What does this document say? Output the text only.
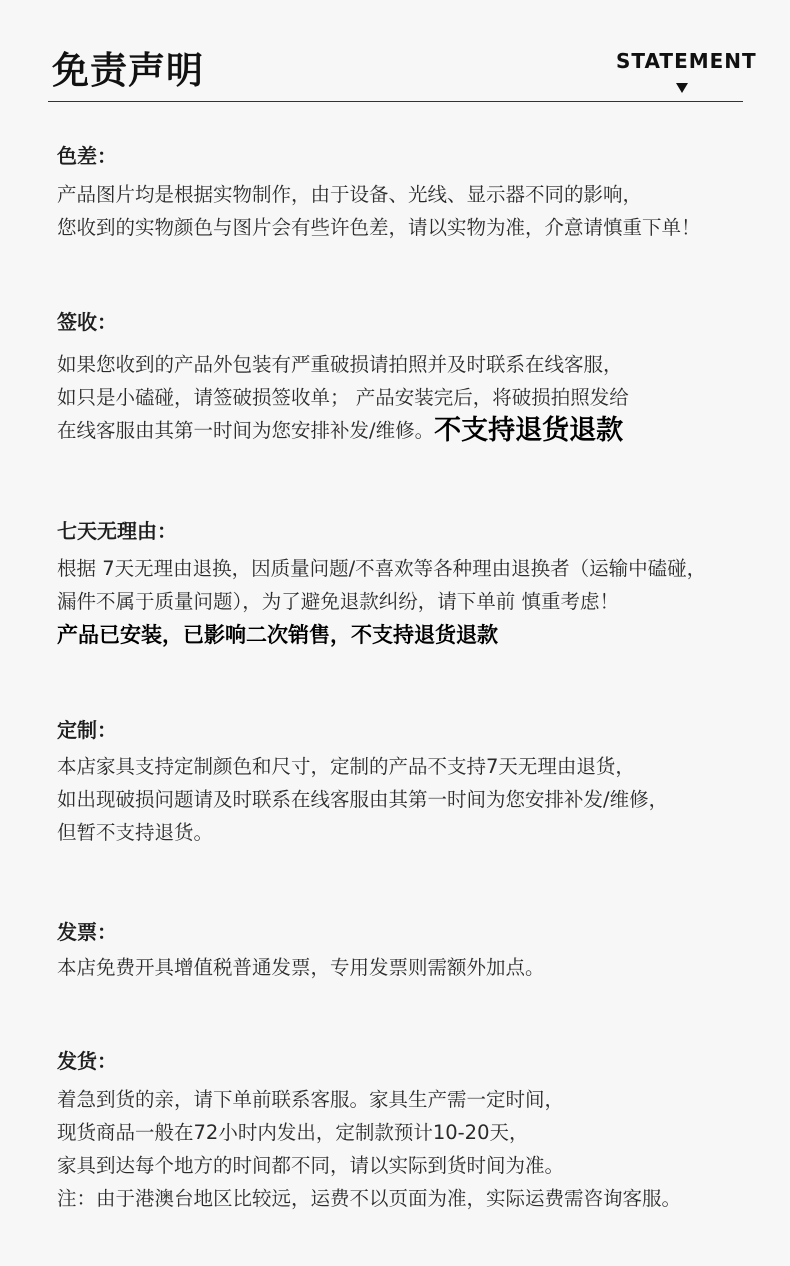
免责声明	STATEMENT
色差：
产品图片均是根据实物制作，由于设备、光线、显示器不同的影响，
您收到的实物颜色与图片会有些许色差，请以实物为准，介意请慎重下单！
签收：
如果您收到的产品外包装有严重破损请拍照并及时联系在线客服，
如只是小磕碰，请签破损签收单； 产品安装完后，将破损拍照发给
在线客服由其第一时间为您安排补发/维修。不支持退货退款
七天无理由：
根据 7天无理由退换，因质量问题/不喜欢等各种理由退换者（运输中磕碰，
漏件不属于质量问题），为了避免退款纠纷，请下单前 慎重考虑！
产品已安装，已影响二次销售，不支持退货退款
定制：
本店家具支持定制颜色和尺寸，定制的产品不支持7天无理由退货，
如出现破损问题请及时联系在线客服由其第一时间为您安排补发/维修，
但暂不支持退货。
发票：
本店免费开具增值税普通发票，专用发票则需额外加点。
发货：
着急到货的亲，请下单前联系客服。家具生产需一定时间，
现货商品一般在72小时内发出，定制款预计10-20天，
家具到达每个地方的时间都不同，请以实际到货时间为准。
注：由于港澳台地区比较远，运费不以页面为准，实际运费需咨询客服。
